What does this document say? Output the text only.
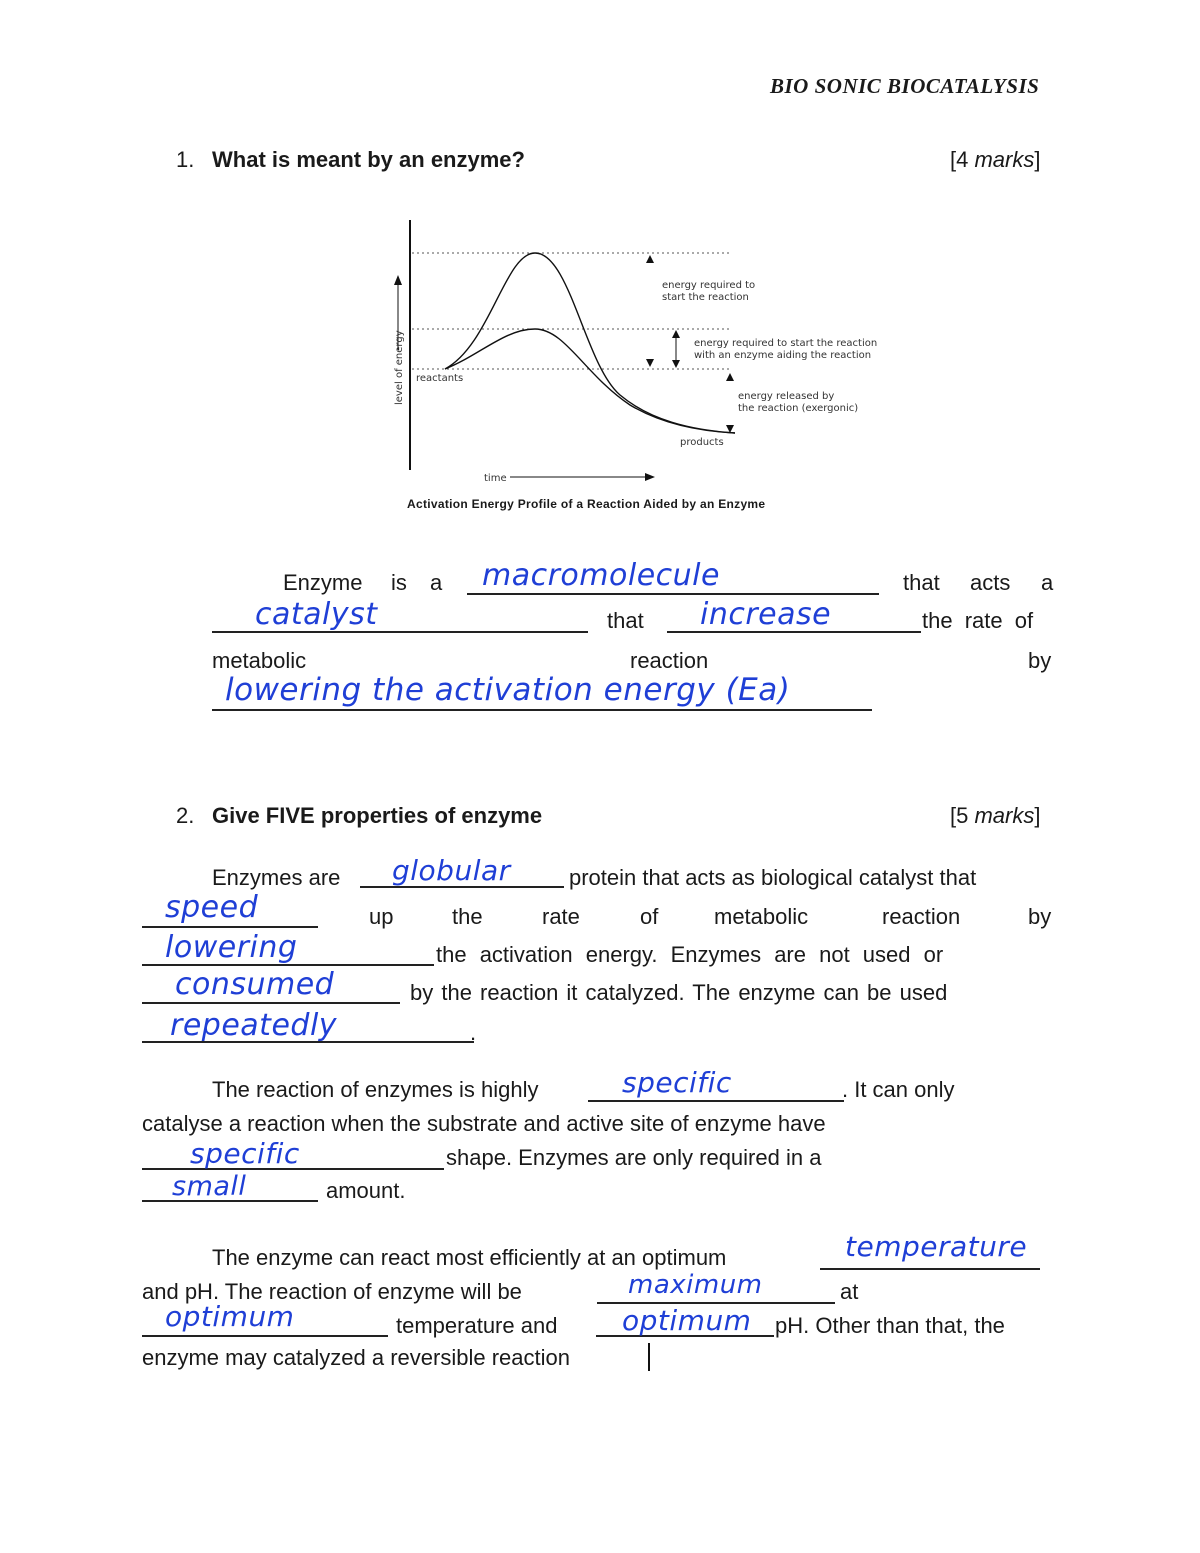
BIO SONIC BIOCATALYSIS
1. What is meant by an enzyme?	[4 marks]
level of energy
energy required to
start the reaction
energy required to start the reaction
with an enzyme aiding the reaction
reactants
energy released by
the reaction (exergonic)
products
time
Activation Energy Profile of a Reaction Aided by an Enzyme
Enzyme is a macromolecule	that acts a
catalyst	that increase	the rate of
metabolic	reaction	by
lowering the activation energy (Ea)
2. Give FIVE properties of enzyme	[5 marks]
Enzymes are globular	protein that acts as biological catalyst that
speed	up	the	rate	of	metabolic	reaction	by
lowering	the activation energy. Enzymes are not used or
consumed	by the reaction it catalyzed. The enzyme can be used
repeatedly	.
The reaction of enzymes is highly	specific	. It can only
catalyse a reaction when the substrate and active site of enzyme have
specific	shape. Enzymes are only required in a
small	amount.
The enzyme can react most efficiently at an optimum	temperature
and pH. The reaction of enzyme will be	maximum	at
optimum	temperature and optimum pH. Other than that, the
enzyme may catalyzed a reversible reaction
